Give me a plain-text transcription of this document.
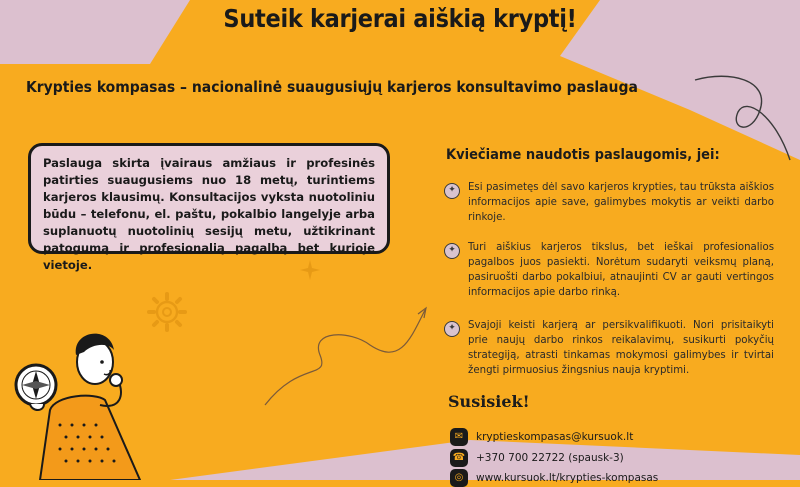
Suteik karjerai aiškią kryptį!
Krypties kompasas – nacionalinė suaugusiųjų karjeros konsultavimo paslauga

Paslauga skirta įvairaus amžiaus ir profesinės patirties suaugusiems nuo 18 metų, turintiems karjeros klausimų. Konsultacijos vyksta nuotoliniu būdu – telefonu, el. paštu, pokalbio langelyje arba suplanuotų nuotolinių sesijų metu, užtikrinant patogumą ir profesionalią pagalbą bet kurioje vietoje.

Kviečiame naudotis paslaugomis, jei:
✦	Esi pasimetęs dėl savo karjeros krypties, tau trūksta aiškios informacijos apie save, galimybes mokytis ar veikti darbo rinkoje.

✦	Turi aiškius karjeros tikslus, bet ieškai profesionalios pagalbos juos pasiekti. Norėtum sudaryti veiksmų planą, pasiruošti darbo pokalbiui, atnaujinti CV ar gauti vertingos informacijos apie darbo rinką.

✦	Svajoji keisti karjerą ar persikvalifikuoti. Nori prisitaikyti prie naujų darbo rinkos reikalavimų, susikurti pokyčių strategiją, atrasti tinkamas mokymosi galimybes ir tvirtai žengti pirmuosius žingsnius nauja kryptimi.

Susisiek!
✉	kryptieskompasas@kursuok.lt
☎ +370 700 22722 (spausk-3)
◎	www.kursuok.lt/krypties-kompasas
